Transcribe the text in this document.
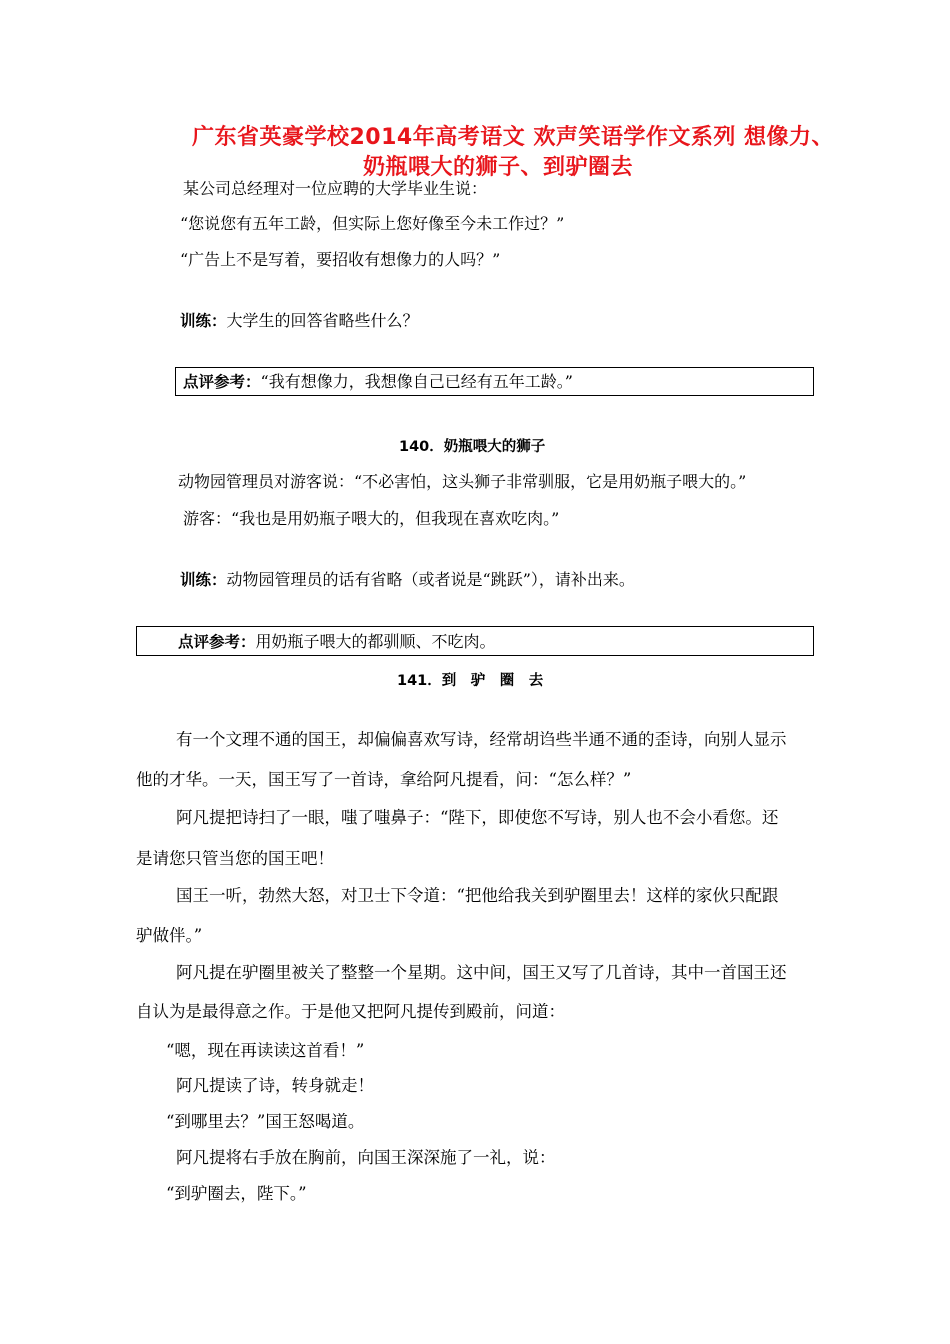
广东省英豪学校2014年高考语文 欢声笑语学作文系列 想像力、
奶瓶喂大的狮子、到驴圈去
某公司总经理对一位应聘的大学毕业生说：
“您说您有五年工龄，但实际上您好像至今未工作过？”
“广告上不是写着，要招收有想像力的人吗？”
训练：大学生的回答省略些什么？
点评参考：“我有想像力，我想像自己已经有五年工龄。”
140．奶瓶喂大的狮子
动物园管理员对游客说：“不必害怕，这头狮子非常驯服，它是用奶瓶子喂大的。”
游客：“我也是用奶瓶子喂大的，但我现在喜欢吃肉。”
训练：动物园管理员的话有省略（或者说是“跳跃”），请补出来。
点评参考：用奶瓶子喂大的都驯顺、不吃肉。
141．到　驴　圈　去
有一个文理不通的国王，却偏偏喜欢写诗，经常胡诌些半通不通的歪诗，向别人显示
他的才华。一天，国王写了一首诗，拿给阿凡提看，问：“怎么样？”
阿凡提把诗扫了一眼，嗤了嗤鼻子：“陛下，即使您不写诗，别人也不会小看您。还
是请您只管当您的国王吧！
国王一听，勃然大怒，对卫士下令道：“把他给我关到驴圈里去！这样的家伙只配跟
驴做伴。”
阿凡提在驴圈里被关了整整一个星期。这中间，国王又写了几首诗，其中一首国王还
自认为是最得意之作。于是他又把阿凡提传到殿前，问道：
“嗯，现在再读读这首看！”
阿凡提读了诗，转身就走！
“到哪里去？”国王怒喝道。
阿凡提将右手放在胸前，向国王深深施了一礼，说：
“到驴圈去，陛下。”
